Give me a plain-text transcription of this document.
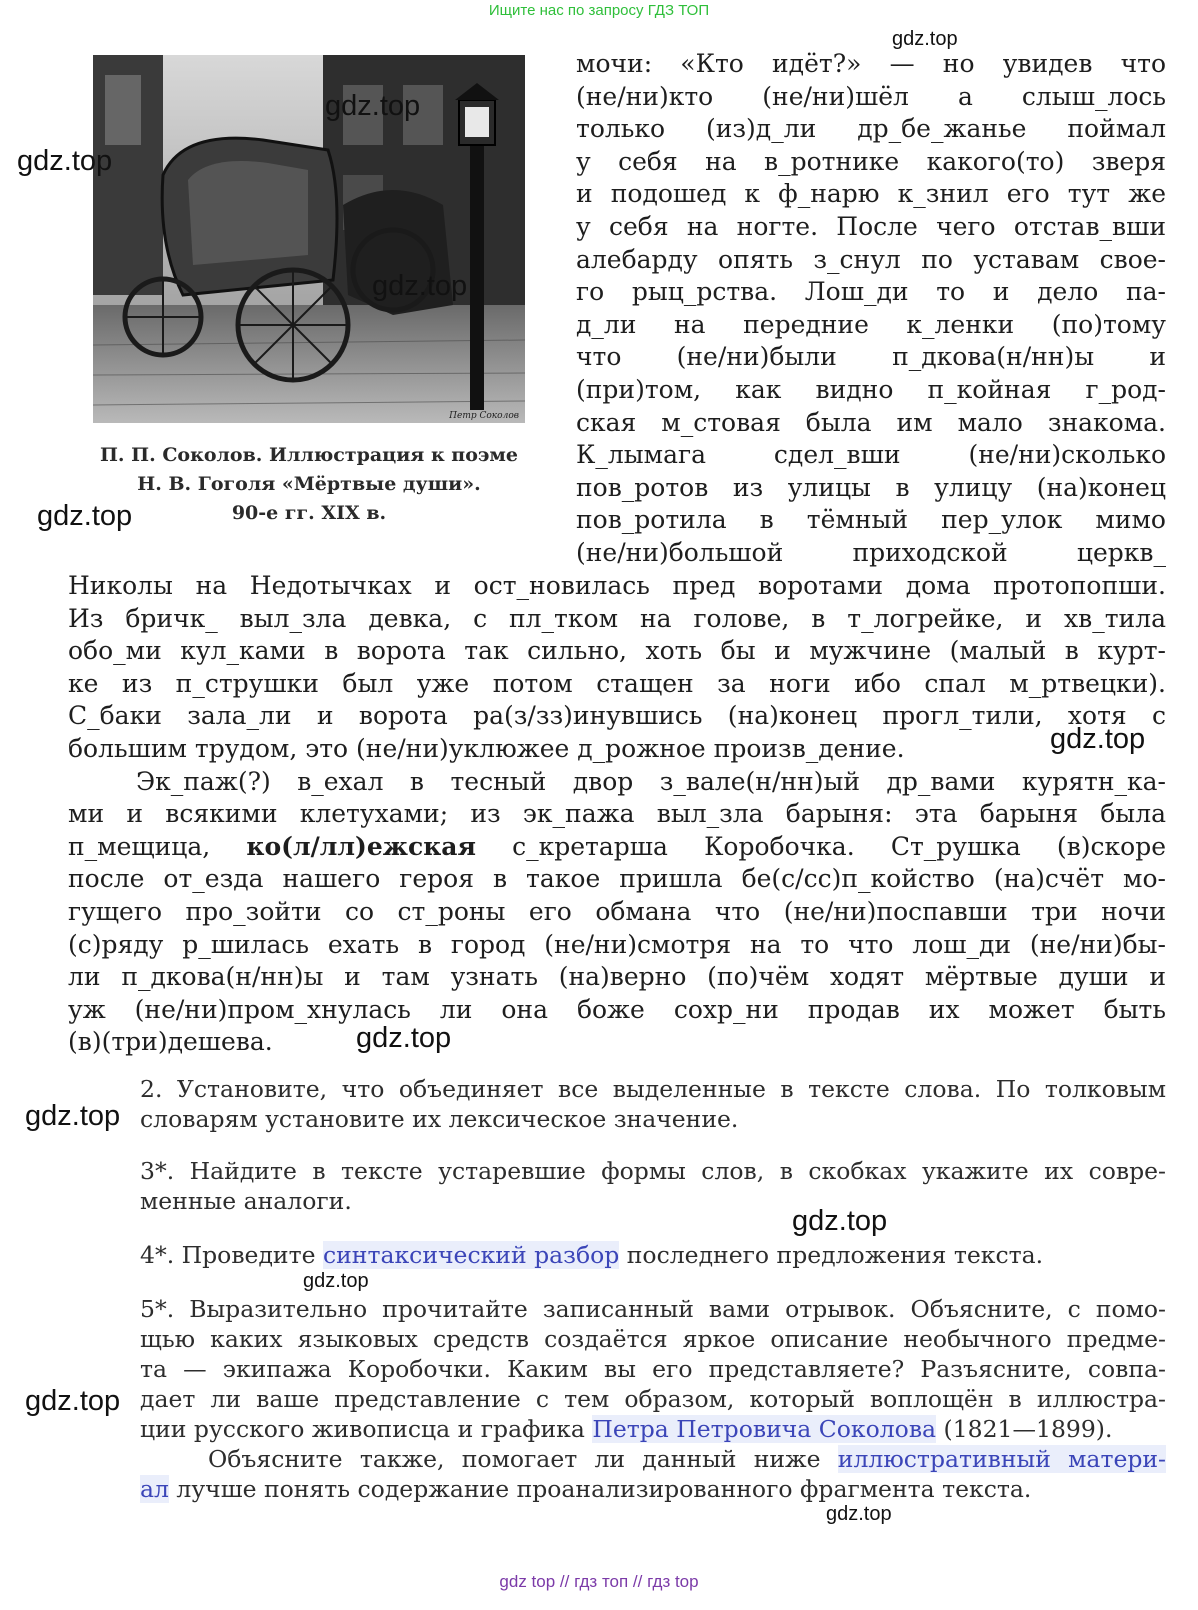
Ищите нас по запросу ГДЗ ТОП
Петр Соколов
П. П. Соколов. Иллюстрация к поэме
Н. В. Гоголя «Мёртвые души».
90-е гг. XIX в.
мочи: «Кто идёт?» — но увидев что
(не/ни)кто (не/ни)шёл а слыш_лось
только (из)д_ли др_бе_жанье поймал
у себя на в_ротнике какого(то) зверя
и подошед к ф_нарю к_знил его тут же
у себя на ногте. После чего отстав_вши
алебарду опять з_снул по уставам свое-
го рыц_рства. Лош_ди то и дело па-
д_ли на передние к_ленки (по)тому
что (не/ни)были п_дкова(н/нн)ы и
(при)том, как видно п_койная г_род-
ская м_стовая была им мало знакома.
К_лымага сдел_вши (не/ни)сколько
пов_ротов из улицы в улицу (на)конец
пов_ротила в тёмный пер_улок мимо
(не/ни)большой приходской церкв_
Николы на Недотычках и ост_новилась пред воротами дома протопопши.
Из бричк_ выл_зла девка, с пл_тком на голове, в т_логрейке, и хв_тила
обо_ми кул_ками в ворота так сильно, хоть бы и мужчине (малый в курт-
ке из п_струшки был уже потом стащен за ноги ибо спал м_ртвецки).
С_баки зала_ли и ворота ра(з/зз)инувшись (на)конец прогл_тили, хотя с
большим трудом, это (не/ни)уклюжее д_рожное произв_дение.
Эк_паж(?) в_ехал в тесный двор з_вале(н/нн)ый др_вами курятн_ка-
ми и всякими клетухами; из эк_пажа выл_зла барыня: эта барыня была
п_мещица, ко(л/лл)ежская с_кретарша Коробочка. Ст_рушка (в)скоре
после от_езда нашего героя в такое пришла бе(с/сс)п_койство (на)счёт мо-
гущего про_зойти со ст_роны его обмана что (не/ни)поспавши три ночи
(с)ряду р_шилась ехать в город (не/ни)смотря на то что лош_ди (не/ни)бы-
ли п_дкова(н/нн)ы и там узнать (на)верно (по)чём ходят мёртвые души и
уж (не/ни)пром_хнулась ли она боже сохр_ни продав их может быть
(в)(три)дешева.
2. Установите, что объединяет все выделенные в тексте слова. По толковым
словарям установите их лексическое значение.
3*. Найдите в тексте устаревшие формы слов, в скобках укажите их совре-
менные аналоги.
4*. Проведите синтаксический разбор последнего предложения текста.
5*. Выразительно прочитайте записанный вами отрывок. Объясните, с помо-
щью каких языковых средств создаётся яркое описание необычного предме-
та — экипажа Коробочки. Каким вы его представляете? Разъясните, совпа-
дает ли ваше представление с тем образом, который воплощён в иллюстра-
ции русского живописца и графика Петра Петровича Соколова (1821—1899).
Объясните также, помогает ли данный ниже иллюстративный матери-
ал лучше понять содержание проанализированного фрагмента текста.
gdz.top
gdz.top
gdz.top
gdz.top
gdz.top
gdz.top
gdz.top
gdz.top
gdz.top
gdz.top
gdz.top
gdz.top
gdz top // гдз топ // гдз top
